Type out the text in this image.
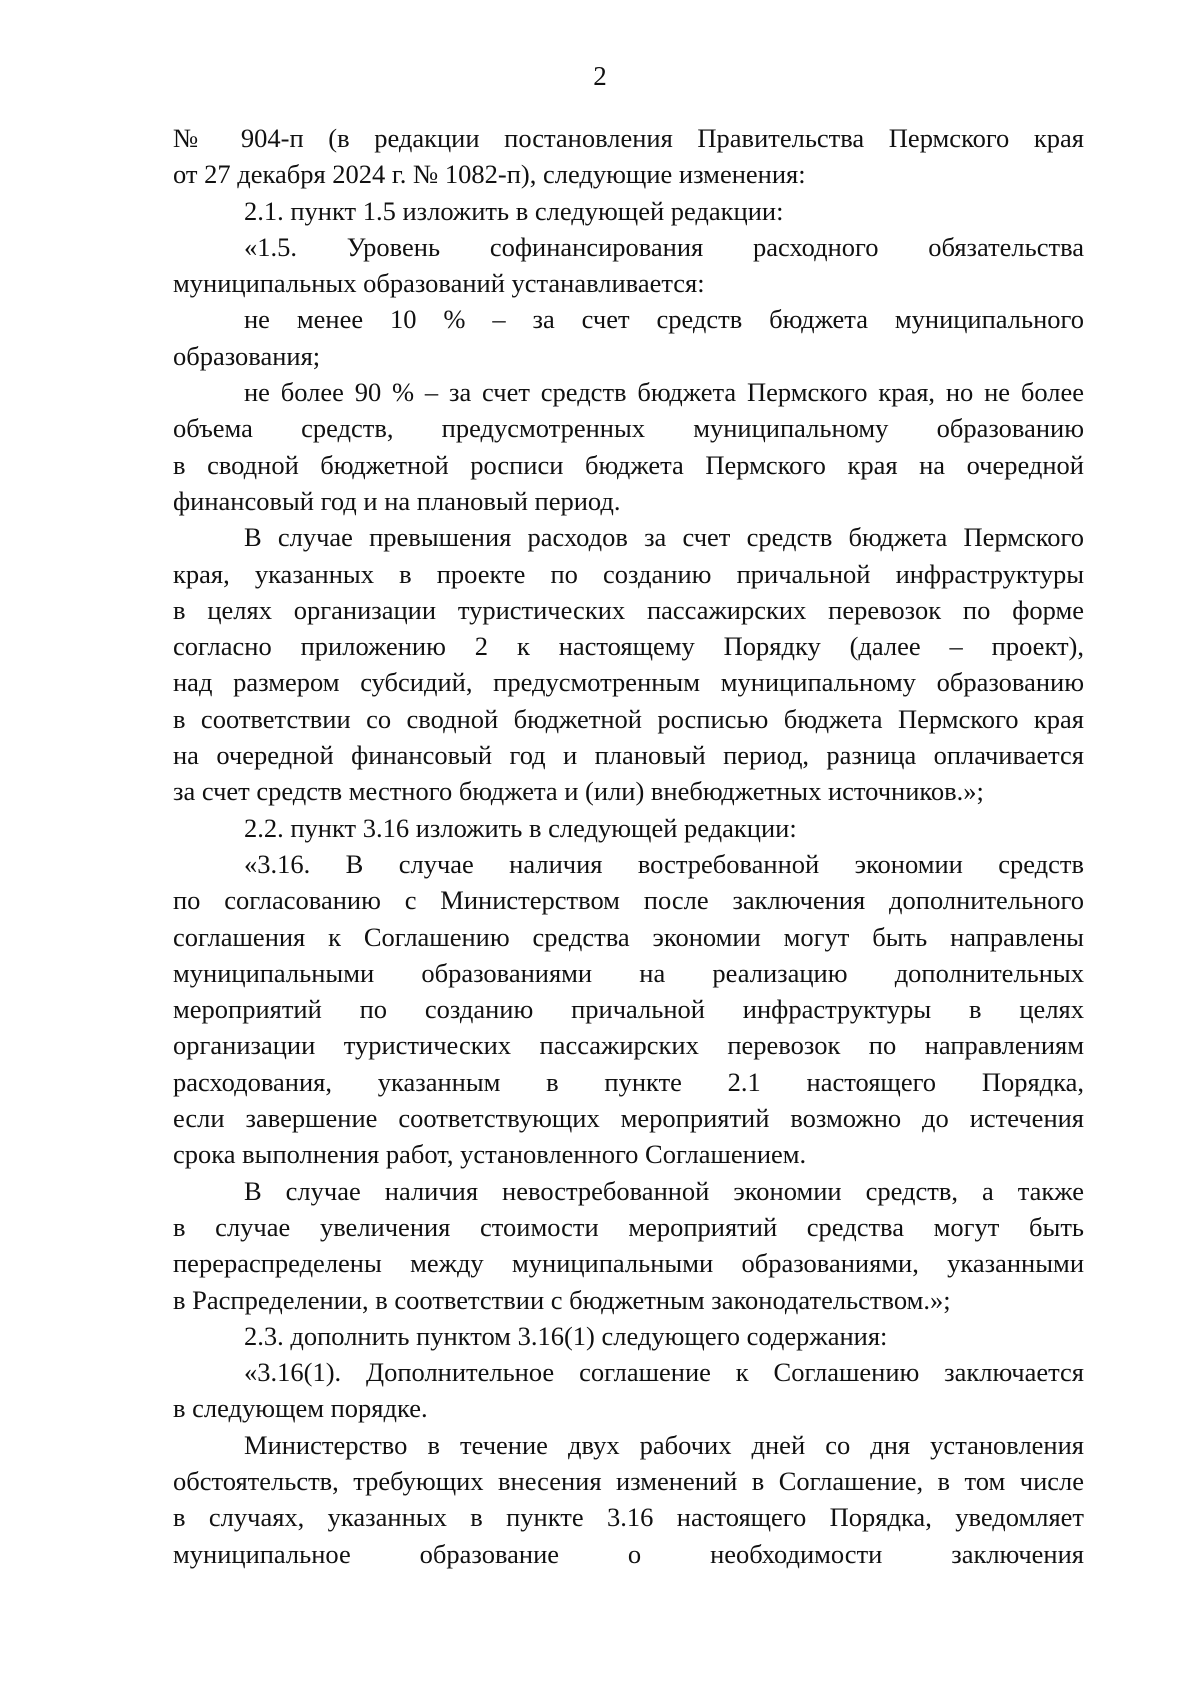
2
№ 904-п (в редакции постановления Правительства Пермского края
от 27 декабря 2024 г. № 1082-п), следующие изменения:
2.1. пункт 1.5 изложить в следующей редакции:
«1.5. Уровень софинансирования расходного обязательства
муниципальных образований устанавливается:
не менее 10 % – за счет средств бюджета муниципального
образования;
не более 90 % – за счет средств бюджета Пермского края, но не более
объема средств, предусмотренных муниципальному образованию
в сводной бюджетной росписи бюджета Пермского края на очередной
финансовый год и на плановый период.
В случае превышения расходов за счет средств бюджета Пермского
края, указанных в проекте по созданию причальной инфраструктуры
в целях организации туристических пассажирских перевозок по форме
согласно приложению 2 к настоящему Порядку (далее – проект),
над размером субсидий, предусмотренным муниципальному образованию
в соответствии со сводной бюджетной росписью бюджета Пермского края
на очередной финансовый год и плановый период, разница оплачивается
за счет средств местного бюджета и (или) внебюджетных источников.»;
2.2. пункт 3.16 изложить в следующей редакции:
«3.16. В случае наличия востребованной экономии средств
по согласованию с Министерством после заключения дополнительного
соглашения к Соглашению средства экономии могут быть направлены
муниципальными образованиями на реализацию дополнительных
мероприятий по созданию причальной инфраструктуры в целях
организации туристических пассажирских перевозок по направлениям
расходования, указанным в пункте 2.1 настоящего Порядка,
если завершение соответствующих мероприятий возможно до истечения
срока выполнения работ, установленного Соглашением.
В случае наличия невостребованной экономии средств, а также
в случае увеличения стоимости мероприятий средства могут быть
перераспределены между муниципальными образованиями, указанными
в Распределении, в соответствии с бюджетным законодательством.»;
2.3. дополнить пунктом 3.16(1) следующего содержания:
«3.16(1). Дополнительное соглашение к Соглашению заключается
в следующем порядке.
Министерство в течение двух рабочих дней со дня установления
обстоятельств, требующих внесения изменений в Соглашение, в том числе
в случаях, указанных в пункте 3.16 настоящего Порядка, уведомляет
муниципальное образование о необходимости заключения
